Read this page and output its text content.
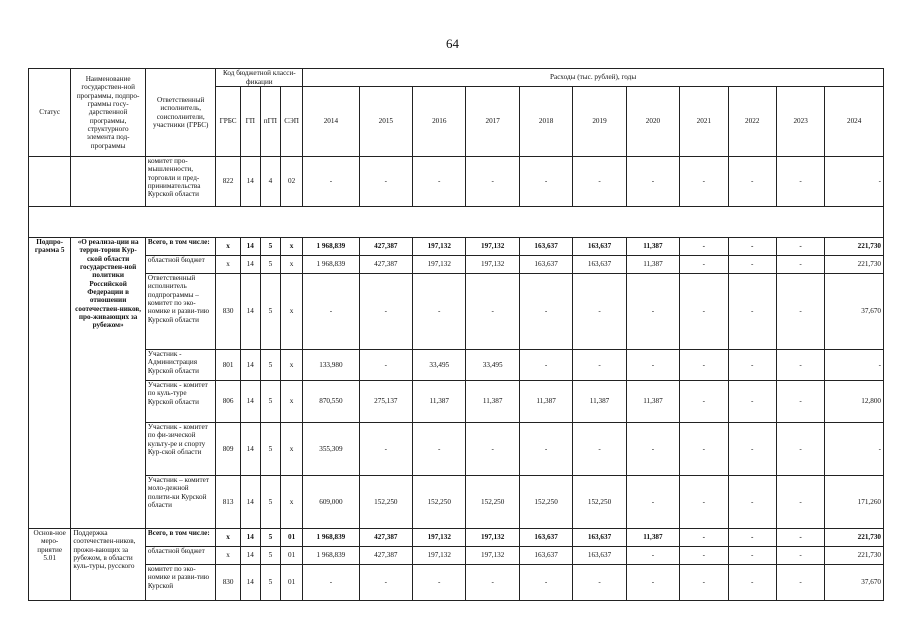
64
Статус	Наименование государствен-ной программы, подпро-граммы госу-дарственной программы, структурного элемента под-программы	Ответственный исполнитель, соисполнители, участники (ГРБС)	Код бюджетной класси-фикации				Расходы (тыс. рублей), годы										
			ГРБС	ГП	пГП	СЭП	2014	2015	2016	2017	2018	2019	2020	2021	2022	2023	2024
		комитет про-мышленности, торговли и пред-принимательства Курской области	822	14	4	02	-	-	-	-	-	-	-	-	-	-	-

Подпро-грамма 5	«О реализа-ции на терри-тории Кур-ской области государствен-ной политики Российской Федерации в отношении соотечествен-ников, про-живающих за рубежом»	Всего, в том числе:	х	14	5	х	1 968,839	427,387	197,132	197,132	163,637	163,637	11,387	-	-	-	221,730
		областной бюджет	х	14	5	х	1 968,839	427,387	197,132	197,132	163,637	163,637	11,387	-	-	-	221,730
		Ответственный исполнитель подпрограммы – комитет по эко-номике и разви-тию Курской области	830	14	5	х	-	-	-	-	-	-	-	-	-	-	37,670
		Участник - Администрация Курской области	801	14	5	х	133,980	-	33,495	33,495	-	-	-	-	-	-	-
		Участник - комитет по куль-туре Курской области	806	14	5	х	870,550	275,137	11,387	11,387	11,387	11,387	11,387	-	-	-	12,800
		Участник - комитет по фи-зической культу-ре и спорту Кур-ской области	809	14	5	х	355,309	-	-	-	-	-	-	-	-	-	-
		Участник – комитет моло-дежной полити-ки Курской области	813	14	5	х	609,000	152,250	152,250	152,250	152,250	152,250	-	-	-	-	171,260
Основ-ное меро-приятие 5.01	Поддержка соотечествен-ников, прожи-вающих за рубежом, в области куль-туры, русского	Всего, в том числе:	х	14	5	01	1 968,839	427,387	197,132	197,132	163,637	163,637	11,387	-	-	-	221,730
		областной бюджет	х	14	5	01	1 968,839	427,387	197,132	197,132	163,637	163,637	-	-	-	-	221,730
		комитет по эко-номике и разви-тию Курской	830	14	5	01	-	-	-	-	-	-	-	-	-	-	37,670
